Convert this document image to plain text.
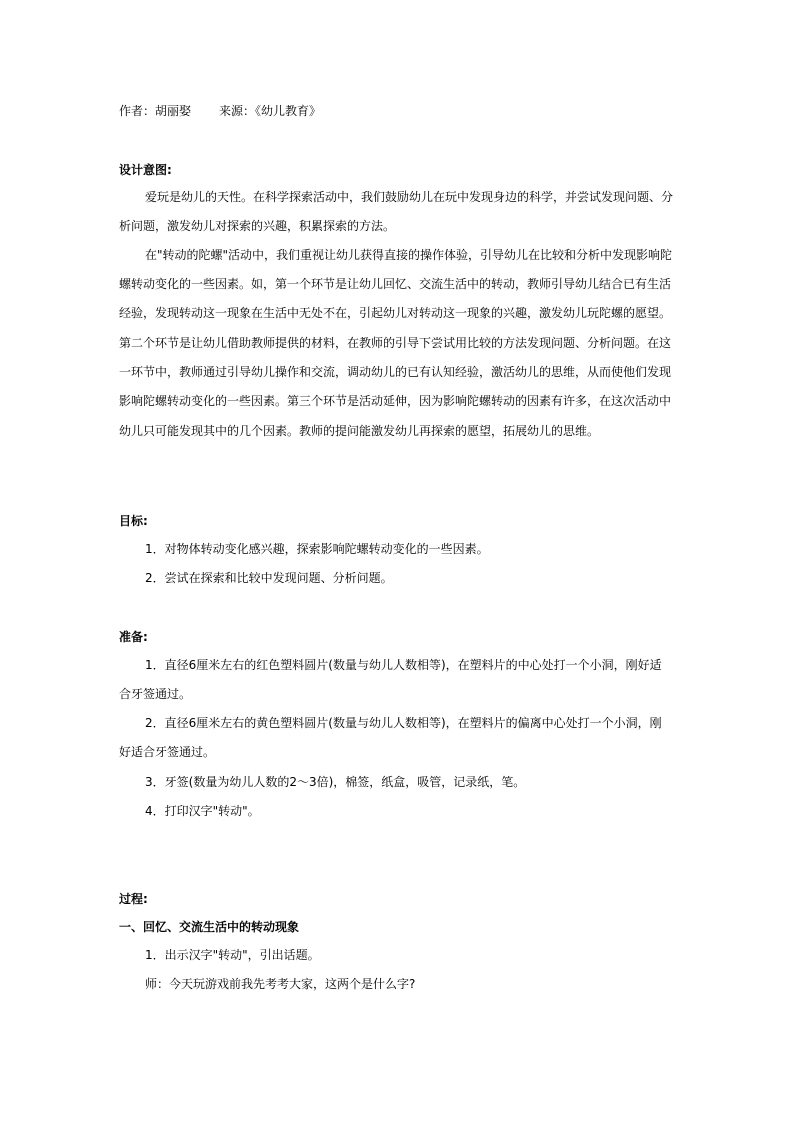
作者：胡丽娶 来源：《幼儿教育》
设计意图:
爱玩是幼儿的天性。在科学探索活动中，我们鼓励幼儿在玩中发现身边的科学，并尝试发现问题、分
析问题，激发幼儿对探索的兴趣，积累探索的方法。
在"转动的陀螺"活动中，我们重视让幼儿获得直接的操作体验，引导幼儿在比较和分析中发现影响陀
螺转动变化的一些因素。如，第一个环节是让幼儿回忆、交流生活中的转动，教师引导幼儿结合已有生活
经验，发现转动这一现象在生活中无处不在，引起幼儿对转动这一现象的兴趣，激发幼儿玩陀螺的愿望。
第二个环节是让幼儿借助教师提供的材料，在教师的引导下尝试用比较的方法发现问题、分析问题。在这
一环节中，教师通过引导幼儿操作和交流，调动幼儿的已有认知经验，激活幼儿的思维，从而使他们发现
影响陀螺转动变化的一些因素。第三个环节是活动延伸，因为影响陀螺转动的因素有许多，在这次活动中
幼儿只可能发现其中的几个因素。教师的提问能激发幼儿再探索的愿望，拓展幼儿的思维。
目标:
1．对物体转动变化感兴趣，探索影响陀螺转动变化的一些因素。
2．尝试在探索和比较中发现问题、分析问题。
准备:
1．直径6厘米左右的红色塑料圆片(数量与幼儿人数相等)，在塑料片的中心处打一个小洞，刚好适
合牙签通过。
2．直径6厘米左右的黄色塑料圆片(数量与幼儿人数相等)，在塑料片的偏离中心处打一个小洞，刚
好适合牙签通过。
3．牙签(数量为幼儿人数的2～3倍)，棉签，纸盒，吸管，记录纸，笔。
4．打印汉字"转动"。
过程:
一、回忆、交流生活中的转动现象
1．出示汉字"转动"，引出话题。
师：今天玩游戏前我先考考大家，这两个是什么字?
